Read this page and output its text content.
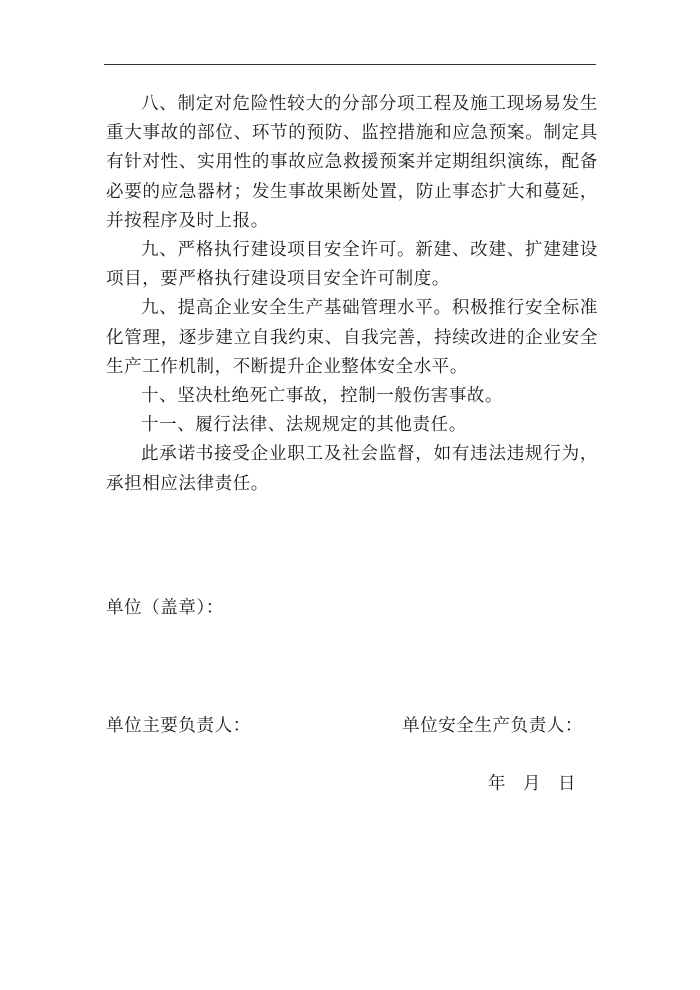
八、制定对危险性较大的分部分项工程及施工现场易发生重大事故的部位、环节的预防、监控措施和应急预案。制定具有针对性、实用性的事故应急救援预案并定期组织演练，配备必要的应急器材；发生事故果断处置，防止事态扩大和蔓延，并按程序及时上报。

九、严格执行建设项目安全许可。新建、改建、扩建建设项目，要严格执行建设项目安全许可制度。

九、提高企业安全生产基础管理水平。积极推行安全标准化管理，逐步建立自我约束、自我完善，持续改进的企业安全生产工作机制，不断提升企业整体安全水平。

十、坚决杜绝死亡事故，控制一般伤害事故。

十一、履行法律、法规规定的其他责任。

此承诺书接受企业职工及社会监督，如有违法违规行为，承担相应法律责任。

单位（盖章）：
单位主要负责人：	单位安全生产负责人：
年 月 日
